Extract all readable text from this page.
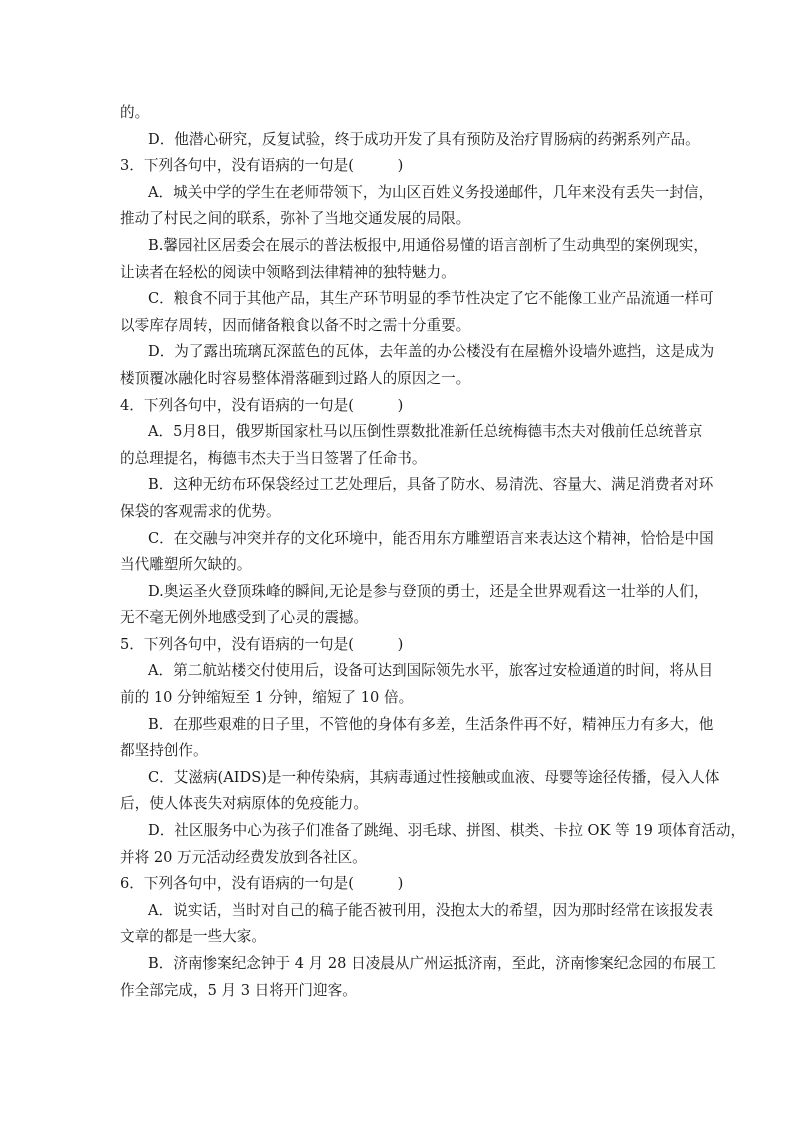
的。
D．他潜心研究，反复试验，终于成功开发了具有预防及治疗胃肠病的药粥系列产品。
3．下列各句中，没有语病的一句是(　　　)
A．城关中学的学生在老师带领下，为山区百姓义务投递邮件，几年来没有丢失一封信，
推动了村民之间的联系，弥补了当地交通发展的局限。
B.馨园社区居委会在展示的普法板报中,用通俗易懂的语言剖析了生动典型的案例现实，
让读者在轻松的阅读中领略到法律精神的独特魅力。
C．粮食不同于其他产品，其生产环节明显的季节性决定了它不能像工业产品流通一样可
以零库存周转，因而储备粮食以备不时之需十分重要。
D．为了露出琉璃瓦深蓝色的瓦体，去年盖的办公楼没有在屋檐外设墙外遮挡，这是成为
楼顶覆冰融化时容易整体滑落砸到过路人的原因之一。
4．下列各句中，没有语病的一句是(　　　)
A．5月8日，俄罗斯国家杜马以压倒性票数批准新任总统梅德韦杰夫对俄前任总统普京
的总理提名，梅德韦杰夫于当日签署了任命书。
B．这种无纺布环保袋经过工艺处理后，具备了防水、易清洗、容量大、满足消费者对环
保袋的客观需求的优势。
C．在交融与冲突并存的文化环境中，能否用东方雕塑语言来表达这个精神，恰恰是中国
当代雕塑所欠缺的。
D.奥运圣火登顶珠峰的瞬间,无论是参与登顶的勇士，还是全世界观看这一壮举的人们，
无不毫无例外地感受到了心灵的震撼。
5．下列各句中，没有语病的一句是(　　　)
A．第二航站楼交付使用后，设备可达到国际领先水平，旅客过安检通道的时间，将从目
前的 10 分钟缩短至 1 分钟，缩短了 10 倍。
B．在那些艰难的日子里，不管他的身体有多差，生活条件再不好，精神压力有多大，他
都坚持创作。
C．艾滋病(AIDS)是一种传染病，其病毒通过性接触或血液、母婴等途径传播，侵入人体
后，使人体丧失对病原体的免疫能力。
D．社区服务中心为孩子们准备了跳绳、羽毛球、拼图、棋类、卡拉 OK 等 19 项体育活动，
并将 20 万元活动经费发放到各社区。
6．下列各句中，没有语病的一句是(　　　)
A．说实话，当时对自己的稿子能否被刊用，没抱太大的希望，因为那时经常在该报发表
文章的都是一些大家。
B．济南惨案纪念钟于 4 月 28 日凌晨从广州运抵济南，至此，济南惨案纪念园的布展工
作全部完成，5 月 3 日将开门迎客。
